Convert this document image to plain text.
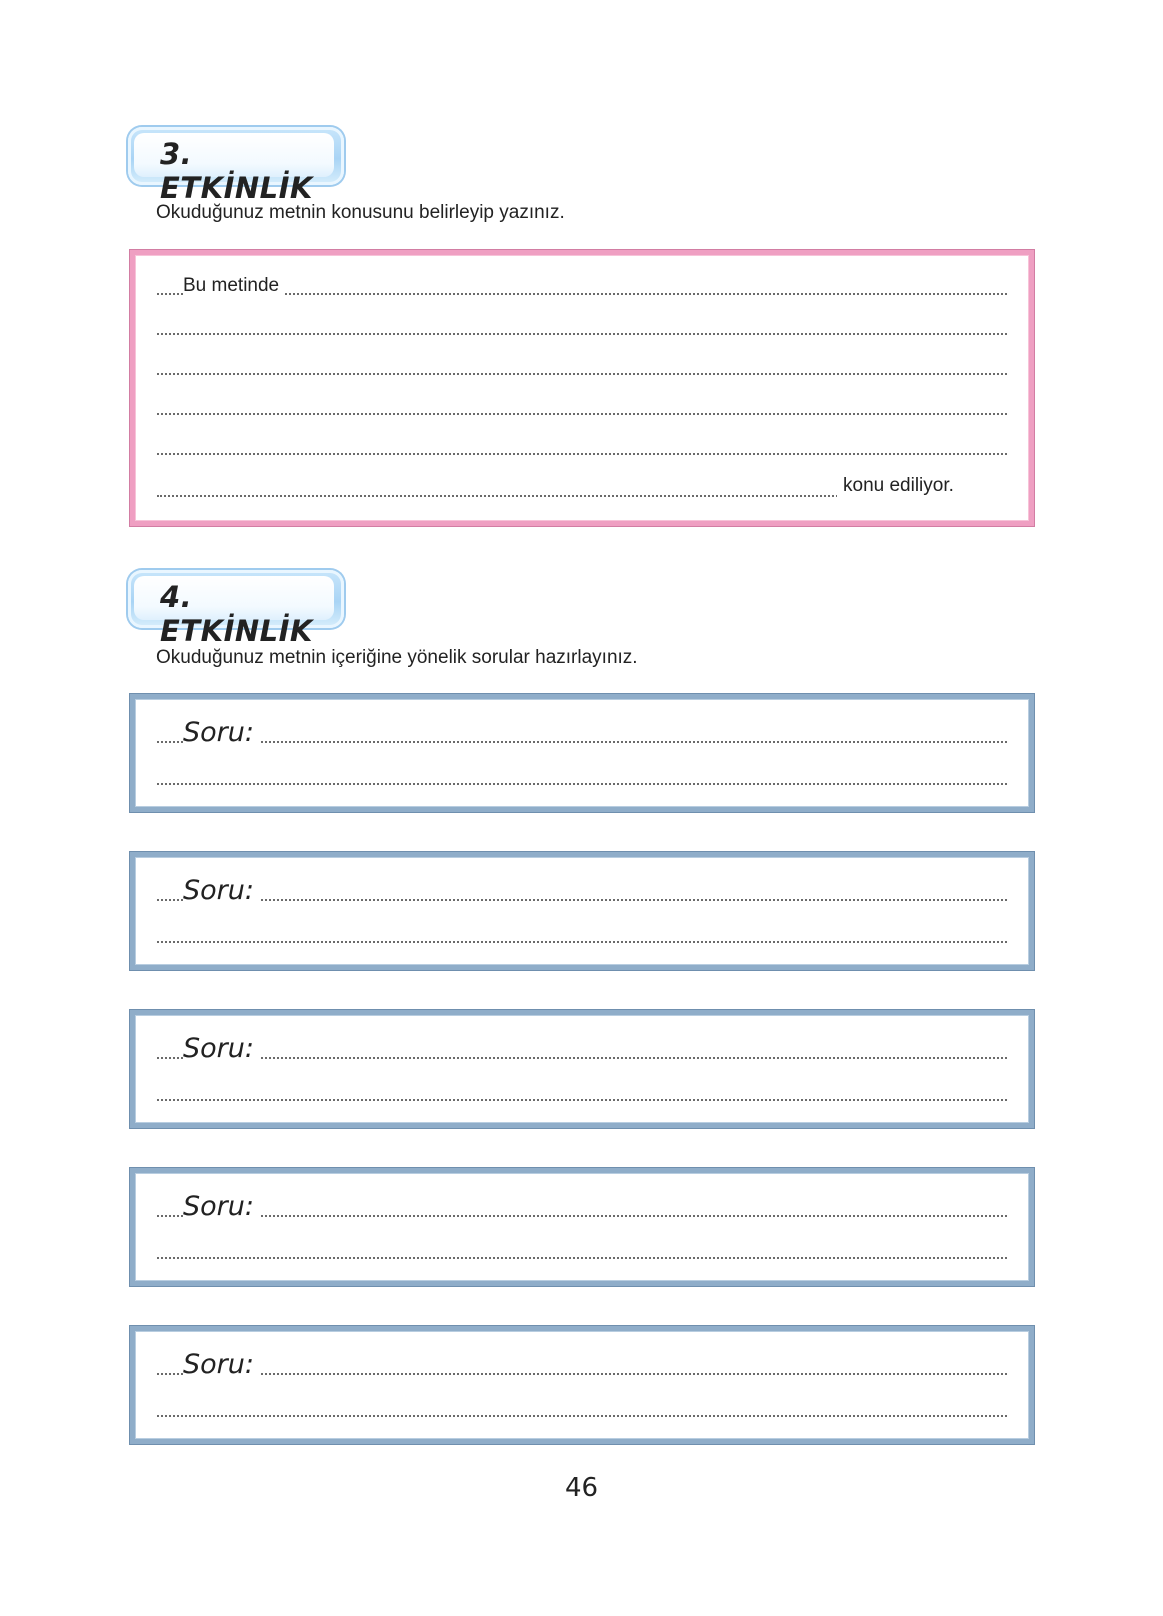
3. ETKİNLİK
Okuduğunuz metnin konusunu belirleyip yazınız.
Bu metinde
konu ediliyor.
4. ETKİNLİK
Okuduğunuz metnin içeriğine yönelik sorular hazırlayınız.
Soru:
Soru:
Soru:
Soru:
Soru:
46
